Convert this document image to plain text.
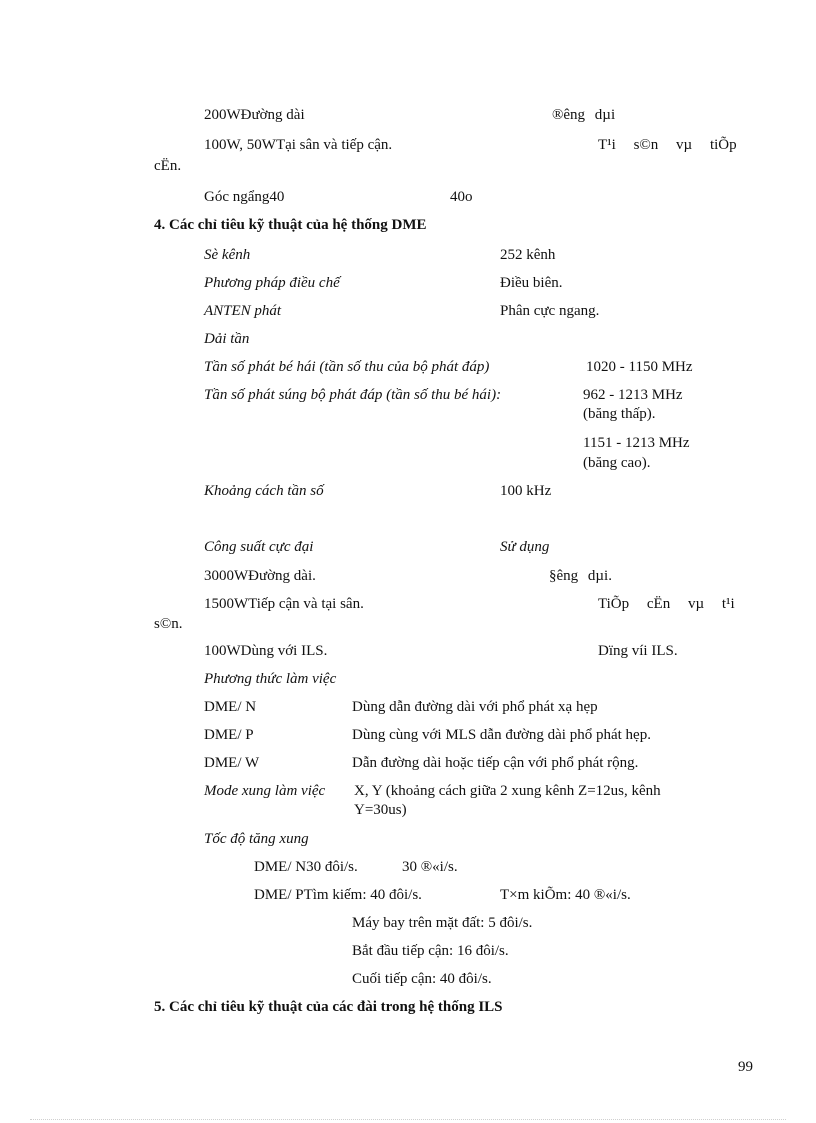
200WĐường dài	®êng dµi
100W, 50WTại sân và tiếp cận.	T¹i s©n vµ tiÕp
cËn.
Góc ngẩng40	40o
4. Các chỉ tiêu kỹ thuật của hệ thống DME
Sè kênh	252 kênh
Phương pháp điều chế	Điều biên.
ANTEN phát	Phân cực ngang.
Dải tần
Tần số phát bé hái (tần số thu của bộ phát đáp)	1020 - 1150 MHz
Tần số phát súng bộ phát đáp (tần số thu bé hái):	962 - 1213 MHz
(băng thấp).
1151 - 1213 MHz
(băng cao).
Khoảng cách tần số	100 kHz
Công suất cực đại	Sử dụng
3000WĐường dài.	§êng dµi.
1500WTiếp cận và tại sân.	TiÕp cËn vµ t¹i
s©n.
100WDùng với ILS.	Dïng víi ILS.
Phương thức làm việc
DME/ N	Dùng dẫn đường dài với phổ phát xạ hẹp
DME/ P	Dùng cùng với MLS dẫn đường dài phổ phát hẹp.
DME/ W	Dẫn đường dài hoặc tiếp cận với phổ phát rộng.
Mode xung làm việc X, Y (khoảng cách giữa 2 xung kênh Z=12us, kênh
Y=30us)
Tốc độ tăng xung
DME/ N30 đôi/s.	30 ®«i/s.
DME/ PTìm kiếm: 40 đôi/s.	T×m kiÕm: 40 ®«i/s.
Máy bay trên mặt đất: 5 đôi/s.
Bắt đầu tiếp cận: 16 đôi/s.
Cuối tiếp cận: 40 đôi/s.
5. Các chỉ tiêu kỹ thuật của các đài trong hệ thống ILS
99
